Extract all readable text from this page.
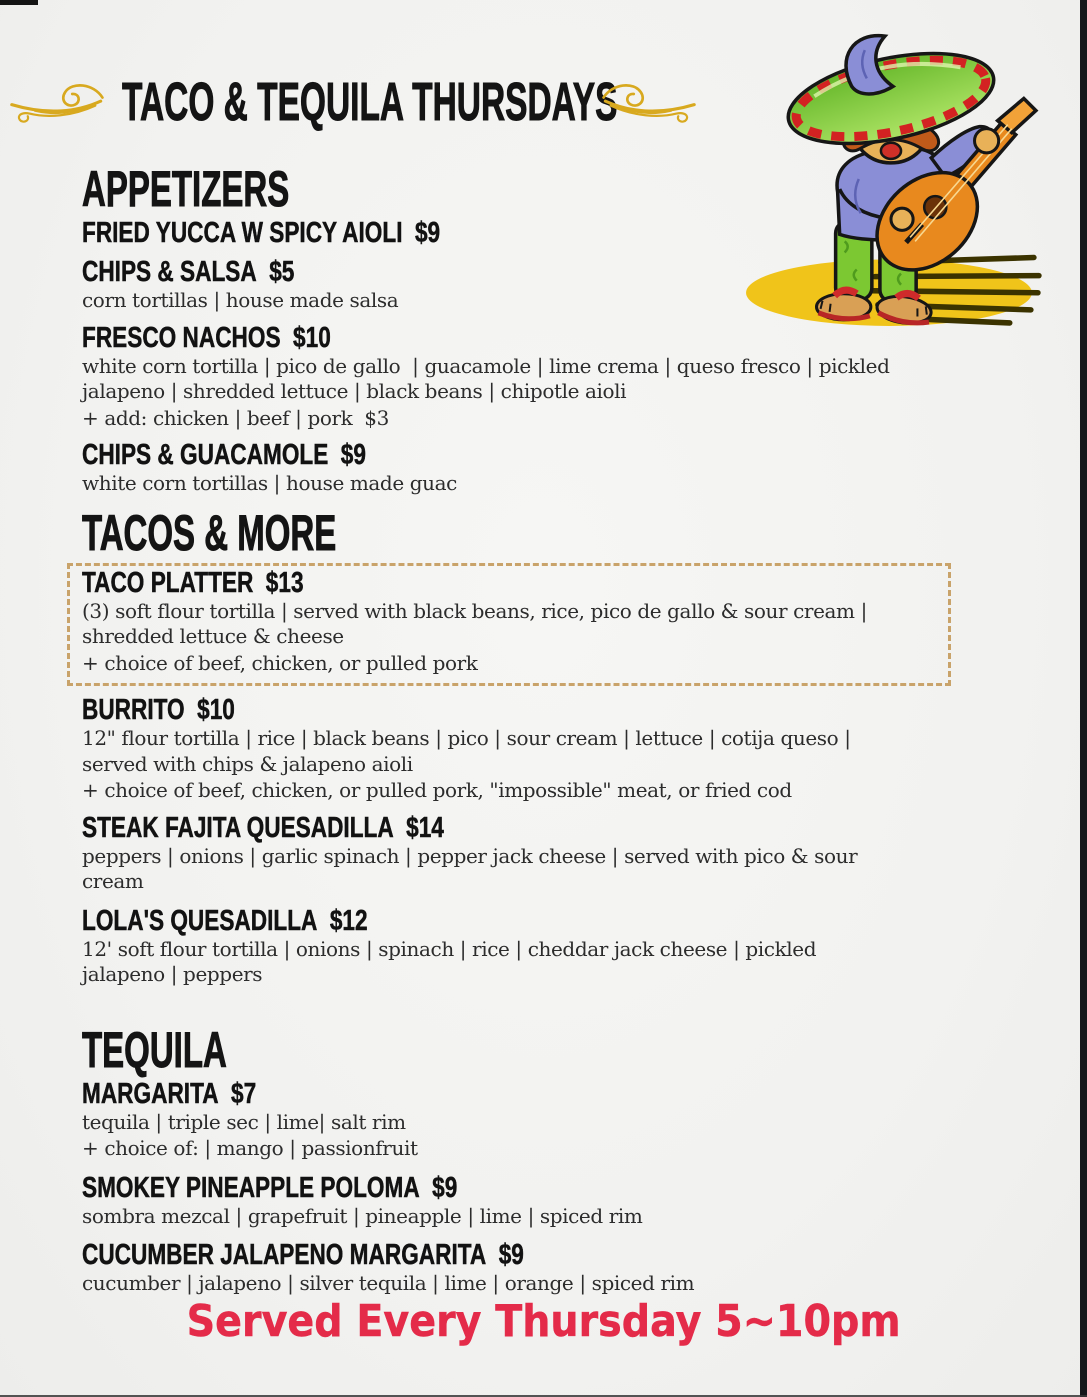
TACO & TEQUILA THURSDAYS
APPETIZERS
FRIED YUCCA W SPICY AIOLI $9
CHIPS & SALSA $5

corn tortillas | house made salsa

FRESCO NACHOS $10

white corn tortilla | pico de gallo  | guacamole | lime crema | queso fresco | pickled jalapeno | shredded lettuce | black beans | chipotle aioli

+ add: chicken | beef | pork  $3

CHIPS & GUACAMOLE $9

white corn tortillas | house made guac

TACOS & MORE
TACO PLATTER $13

(3) soft flour tortilla | served with black beans, rice, pico de gallo & sour cream | shredded lettuce & cheese

+ choice of beef, chicken, or pulled pork

BURRITO $10

12" flour tortilla | rice | black beans | pico | sour cream | lettuce | cotija queso | served with chips & jalapeno aioli

+ choice of beef, chicken, or pulled pork, "impossible" meat, or fried cod

STEAK FAJITA QUESADILLA $14

peppers | onions | garlic spinach | pepper jack cheese | served with pico & sour cream

LOLA'S QUESADILLA $12

12' soft flour tortilla | onions | spinach | rice | cheddar jack cheese | pickled jalapeno | peppers

TEQUILA
MARGARITA $7

tequila | triple sec | lime| salt rim

+ choice of: | mango | passionfruit

SMOKEY PINEAPPLE POLOMA $9

sombra mezcal | grapefruit | pineapple | lime | spiced rim

CUCUMBER JALAPENO MARGARITA $9

cucumber | jalapeno | silver tequila | lime | orange | spiced rim

Served Every Thursday 5~10pm
